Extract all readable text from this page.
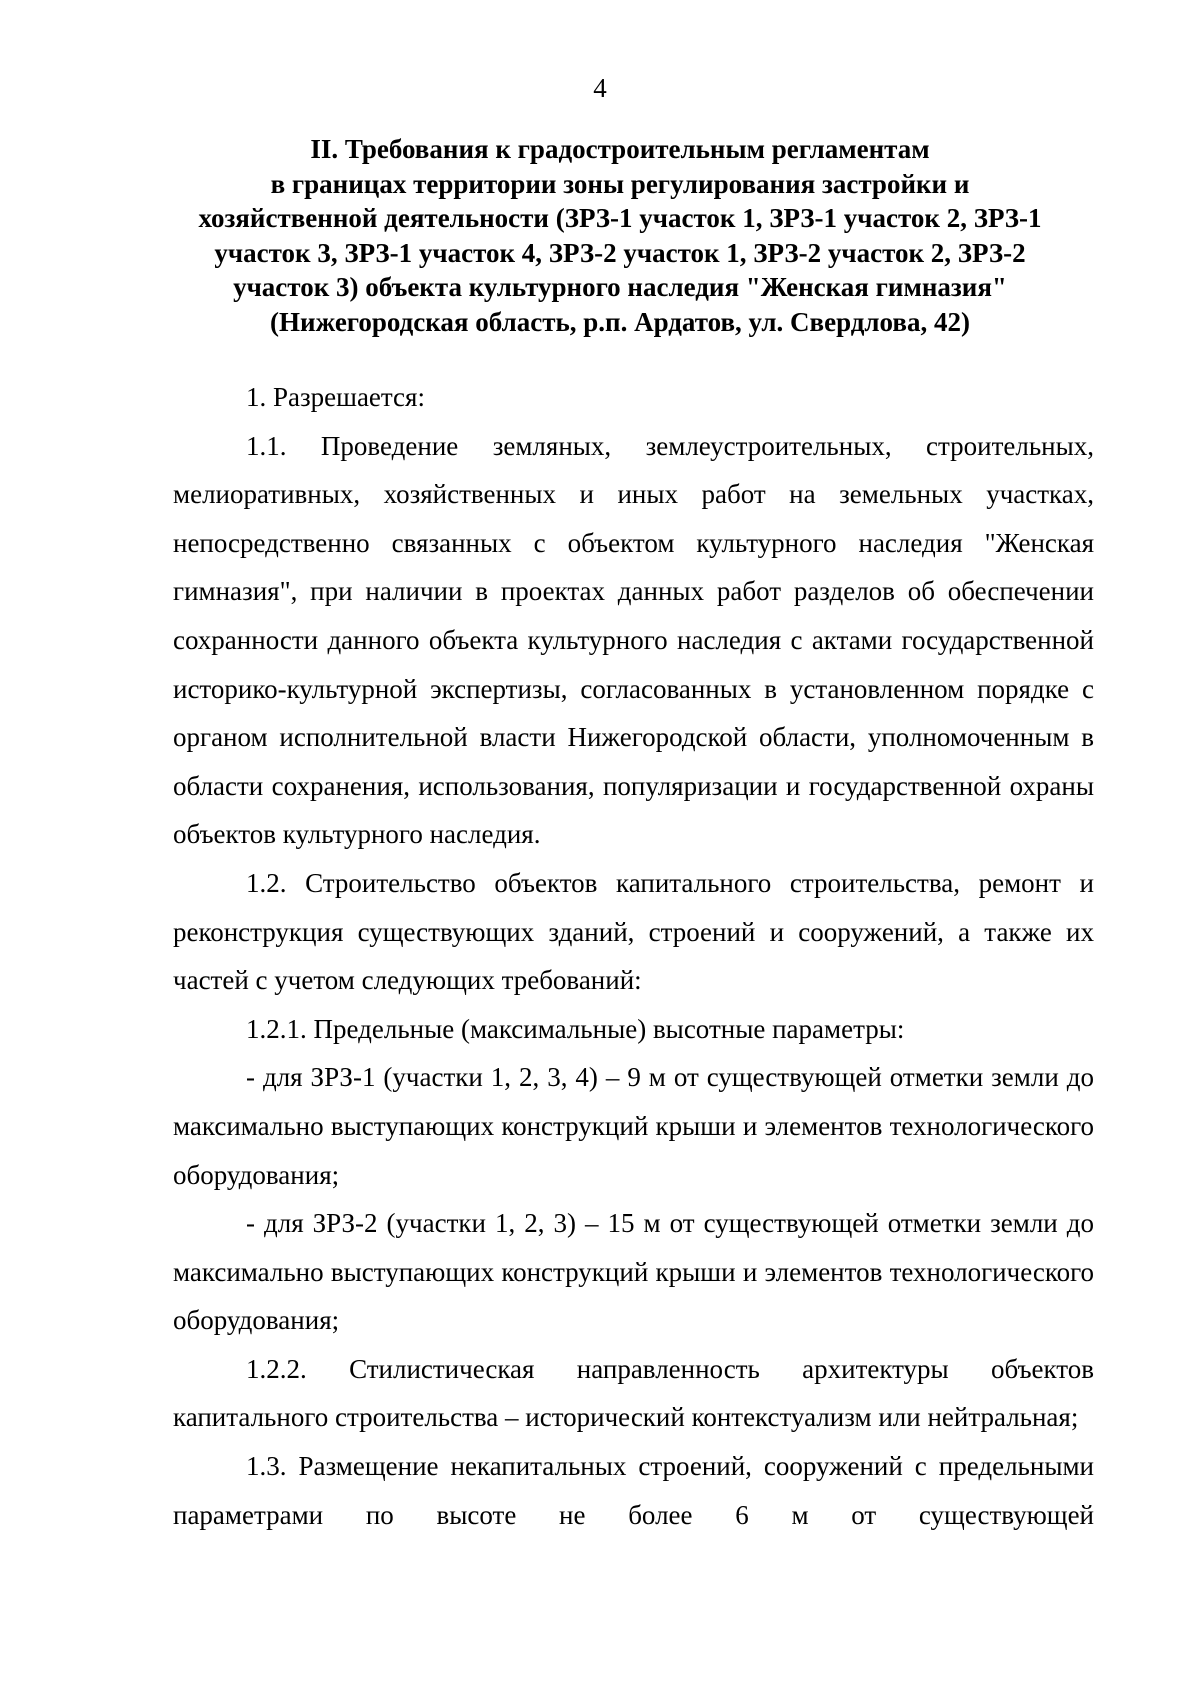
4
II. Требования к градостроительным регламентам
в границах территории зоны регулирования застройки и
хозяйственной деятельности (ЗРЗ-1 участок 1, ЗРЗ-1 участок 2, ЗРЗ-1
участок 3, ЗРЗ-1 участок 4, ЗРЗ-2 участок 1, ЗРЗ-2 участок 2, ЗРЗ-2
участок 3) объекта культурного наследия "Женская гимназия"
(Нижегородская область, р.п. Ардатов, ул. Свердлова, 42)

1. Разрешается:

1.1. Проведение земляных, землеустроительных, строительных, мелиоративных, хозяйственных и иных работ на земельных участках, непосредственно связанных с объектом культурного наследия "Женская гимназия", при наличии в проектах данных работ разделов об обеспечении сохранности данного объекта культурного наследия с актами государственной историко-культурной экспертизы, согласованных в установленном порядке с органом исполнительной власти Нижегородской области, уполномоченным в области сохранения, использования, популяризации и государственной охраны объектов культурного наследия.

1.2. Строительство объектов капитального строительства, ремонт и реконструкция существующих зданий, строений и сооружений, а также их частей с учетом следующих требований:

1.2.1. Предельные (максимальные) высотные параметры:

- для ЗРЗ-1 (участки 1, 2, 3, 4) – 9 м от существующей отметки земли до максимально выступающих конструкций крыши и элементов технологического оборудования;

- для ЗРЗ-2 (участки 1, 2, 3) – 15 м от существующей отметки земли до максимально выступающих конструкций крыши и элементов технологического оборудования;

1.2.2. Стилистическая направленность архитектуры объектов капитального строительства – исторический контекстуализм или нейтральная;

1.3. Размещение некапитальных строений, сооружений с предельными параметрами по высоте не более 6 м от существующей
